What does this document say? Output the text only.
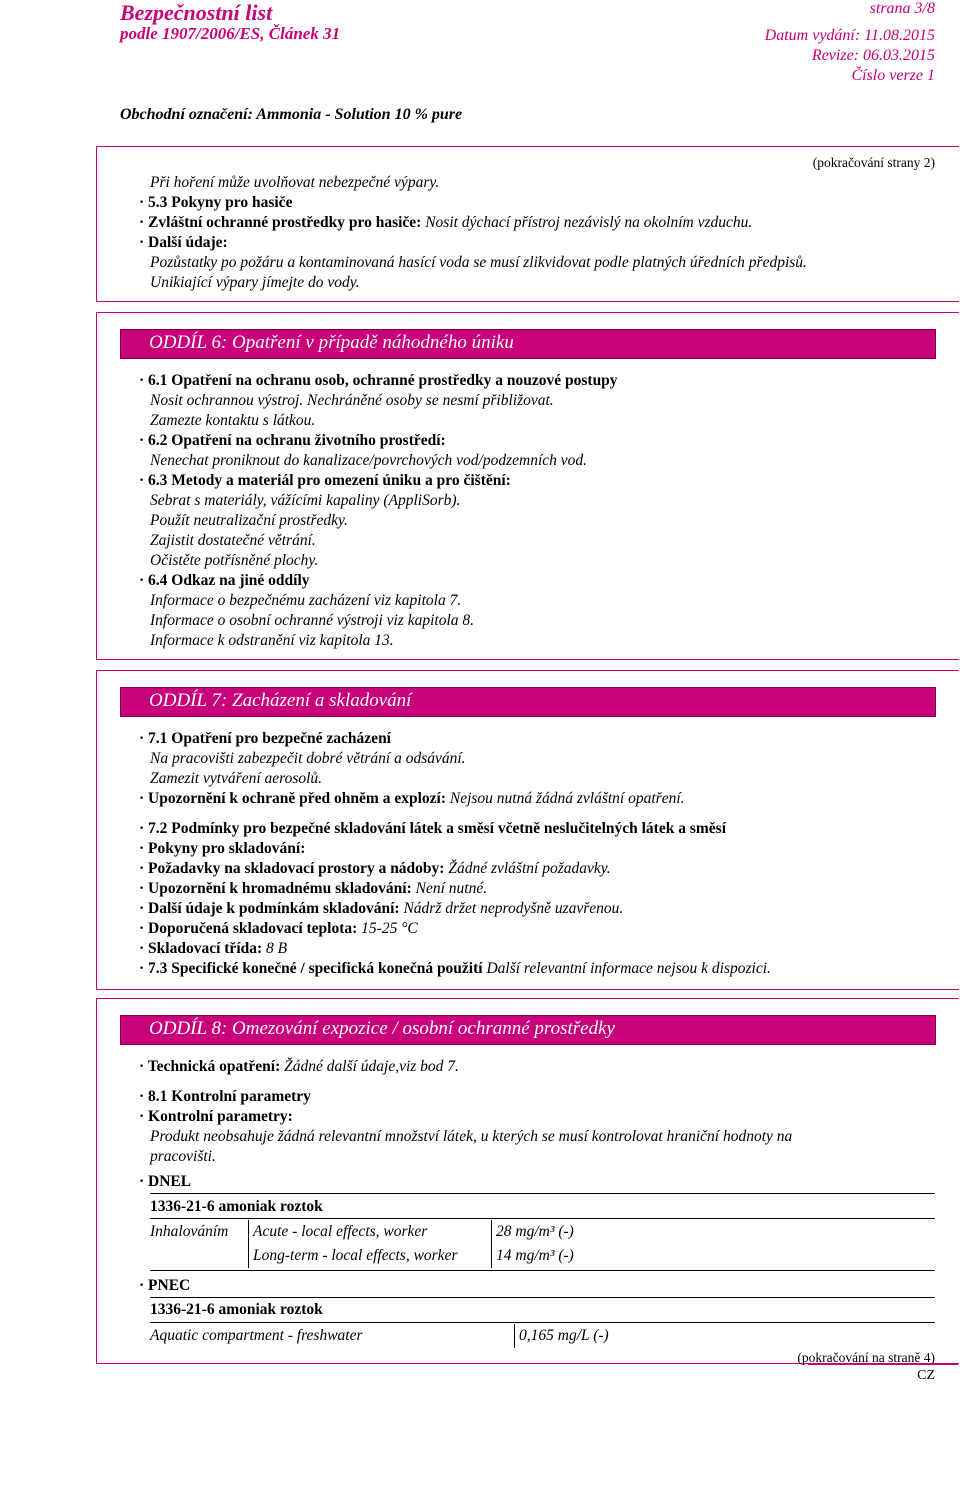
Bezpečnostní list
podle 1907/2006/ES, Článek 31
strana 3/8
Datum vydání: 11.08.2015
Revize: 06.03.2015
Číslo verze 1
Obchodní označení: Ammonia - Solution 10 % pure
(pokračování strany 2)
Při hoření může uvolňovat nebezpečné výpary.
· 5.3 Pokyny pro hasiče
· Zvláštní ochranné prostředky pro hasiče: Nosit dýchací přístroj nezávislý na okolním vzduchu.
· Další údaje:
Pozůstatky po požáru a kontaminovaná hasící voda se musí zlikvidovat podle platných úředních předpisů.
Unikiající výpary jímejte do vody.
ODDÍL 6: Opatření v případě náhodného úniku
· 6.1 Opatření na ochranu osob, ochranné prostředky a nouzové postupy
Nosit ochrannou výstroj. Nechráněné osoby se nesmí přibližovat.
Zamezte kontaktu s látkou.
· 6.2 Opatření na ochranu životního prostředí:
Nenechat proniknout do kanalizace/povrchových vod/podzemních vod.
· 6.3 Metody a materiál pro omezení úniku a pro čištění:
Sebrat s materiály, vážícími kapaliny (AppliSorb).
Použít neutralizační prostředky.
Zajistit dostatečné větrání.
Očistěte potřísněné plochy.
· 6.4 Odkaz na jiné oddíly
Informace o bezpečnému zacházení viz kapitola 7.
Informace o osobní ochranné výstroji viz kapitola 8.
Informace k odstranění viz kapitola 13.
ODDÍL 7: Zacházení a skladování
· 7.1 Opatření pro bezpečné zacházení
Na pracovišti zabezpečit dobré větrání a odsávání.
Zamezit vytváření aerosolů.
· Upozornění k ochraně před ohněm a explozí: Nejsou nutná žádná zvláštní opatření.
· 7.2 Podmínky pro bezpečné skladování látek a směsí včetně neslučitelných látek a směsí
· Pokyny pro skladování:
· Požadavky na skladovací prostory a nádoby: Žádné zvláštní požadavky.
· Upozornění k hromadnému skladování: Není nutné.
· Další údaje k podmínkám skladování: Nádrž držet neprodyšně uzavřenou.
· Doporučená skladovací teplota: 15-25 °C
· Skladovací třída: 8 B
· 7.3 Specifické konečné / specifická konečná použití Další relevantní informace nejsou k dispozici.
ODDÍL 8: Omezování expozice / osobní ochranné prostředky
· Technická opatření: Žádné další údaje,viz bod 7.
· 8.1 Kontrolní parametry
· Kontrolní parametry:
Produkt neobsahuje žádná relevantní množství látek, u kterých se musí kontrolovat hraniční hodnoty na
pracovišti.
· DNEL
1336-21-6 amoniak roztok
Inhalováním	Acute - local effects, worker	28 mg/m³ (-)
	Long-term - local effects, worker	14 mg/m³ (-)
· PNEC
1336-21-6 amoniak roztok
Aquatic compartment - freshwater	0,165 mg/L (-)
(pokračování na straně 4)
CZ
